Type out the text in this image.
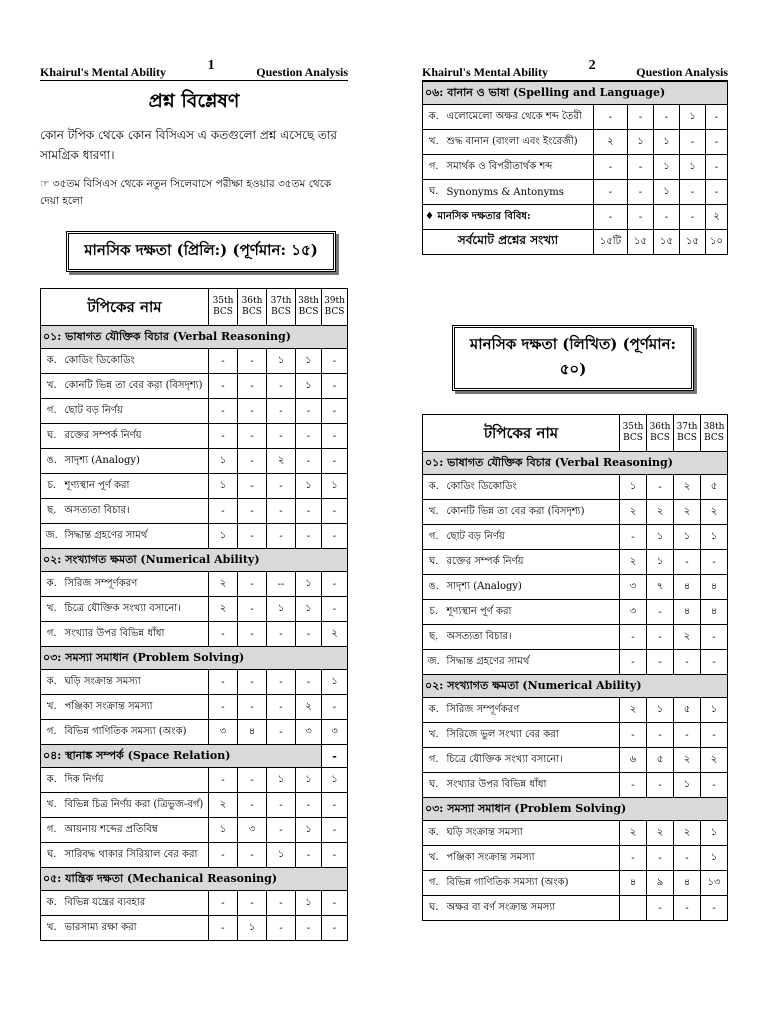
Khairul's Mental Ability	1	Question Analysis
প্রশ্ন বিশ্লেষণ
কোন টপিক থেকে কোন বিসিএস এ কতগুলো প্রশ্ন এসেছে তার সামগ্রিক ধারণা।
☞ ৩৫তম বিসিএস থেকে নতুন সিলেবাসে পরীক্ষা হওয়ার ৩৫তম থেকে দেয়া হলো
মানসিক দক্ষতা (প্রিলি:) (পূর্ণমান: ১৫)
টপিকের নাম		35th BCS	36th BCS	37th BCS	38th BCS	39th BCS
০১: ভাষাগত যৌক্তিক বিচার (Verbal Reasoning)						
ক.	কোডিং ডিকোডিং	-	-	১	১	-
খ.	কোনটি ভিন্ন তা বের করা (বিসদৃশ্য)	-	-	-	১	-
গ.	ছোট বড় নির্ণয়	-	-	-	-	-
ঘ.	রক্তের সম্পর্ক নির্ণয়	-	-	-	-	-
ঙ.	সাদৃশ্য (Analogy)	১	-	২	-	-
চ.	শূণ্যস্থান পূর্ণ করা	১	-	-	১	১
ছ.	অসত্যতা বিচার।	-	-	-	-	-
জ.	সিদ্ধান্ত গ্রহণের সামর্থ	১	-	-	-	-
০২: সংখ্যাগত ক্ষমতা (Numerical Ability)						
ক.	সিরিজ সম্পূর্ণকরণ	২	-	--	১	-
খ.	চিত্রে যৌক্তিক সংখ্যা বসানো।	২	-	১	১	-
গ.	সংখ্যার উপর বিভিন্ন ধাঁধা	-	-	-	-	২
০৩: সমস্যা সমাধান (Problem Solving)						
ক.	ঘড়ি সংক্রান্ত সমস্যা	-	-	-	-	১
খ.	পঞ্জিকা সংক্রান্ত সমস্যা	-	-	-	২	-
গ.	বিভিন্ন গাণিতিক সমস্যা (অংক)	৩	৪	-	৩	৩
০৪: স্থানাঙ্ক সম্পর্ক (Space Relation)						-
ক.	দিক নির্ণয়	-	-	১	১	১
খ.	বিভিন্ন চিত্র নির্ণয় করা (ত্রিভুজ-বর্গ)	২	-	-	-	-
গ.	আয়নায় শব্দের প্রতিবিম্ব	১	৩	-	১	-
ঘ.	সারিবদ্ধ থাকার সিরিয়াল বের করা	-	-	১	-	-
০৫: যান্ত্রিক দক্ষতা (Mechanical Reasoning)						
ক.	বিভিন্ন যন্ত্রের ব্যবহার	-	-	-	১	-
খ.	ভারসাম্য রক্ষা করা	-	১	-	-	-
Khairul's Mental Ability	2	Question Analysis
০৬: বানান ও ভাষা (Spelling and Language)						
ক.	এলোমেলো অক্ষর থেকে শব্দ তৈরী	-	-	-	১	-
খ.	শুদ্ধ বানান (বাংলা এবং ইংরেজী)	২	১	১	-	-
গ.	সমার্থক ও বিপরীতার্থক শব্দ	-	-	১	১	-
ঘ.	Synonyms & Antonyms	-	-	১	-	-
♦ মানসিক দক্ষতার বিবিধ:		-	-	-	-	২
সর্বমোট প্রশ্নের সংখ্যা		১৫টি	১৫	১৫	১৫	১০
মানসিক দক্ষতা (লিখিত) (পূর্ণমান: ৫০)
টপিকের নাম		35th BCS	36th BCS	37th BCS	38th BCS
০১: ভাষাগত যৌক্তিক বিচার (Verbal Reasoning)					
ক.	কোডিং ডিকোডিং	১	-	২	৫
খ.	কোনটি ভিন্ন তা বের করা (বিসদৃশ্য)	২	২	২	২
গ.	ছোট বড় নির্ণয়	-	১	১	১
ঘ.	রক্তের সম্পর্ক নির্ণয়	২	১	-	-
ঙ.	সাদৃশ্য (Analogy)	৩	৭	৪	৪
চ.	শূণ্যস্থান পূর্ণ করা	৩	-	৪	৪
ছ.	অসত্যতা বিচার।	-	-	২	-
জ.	সিদ্ধান্ত গ্রহণের সামর্থ	-	-	-	-
০২: সংখ্যাগত ক্ষমতা (Numerical Ability)					
ক.	সিরিজ সম্পূর্ণকরণ	২	১	৫	১
খ.	সিরিজে ভুল সংখ্যা বের করা	-	-	-	-
গ.	চিত্রে যৌক্তিক সংখ্যা বসানো।	৬	৫	২	২
ঘ.	সংখ্যার উপর বিভিন্ন ধাঁধা	-	-	১	-
০৩: সমস্যা সমাধান (Problem Solving)					
ক.	ঘড়ি সংক্রান্ত সমস্যা	২	২	২	১
খ.	পঞ্জিকা সংক্রান্ত সমস্যা	-	-	-	১
গ.	বিভিন্ন গাণিতিক সমস্যা (অংক)	৪	৯	৪	১৩
ঘ.	অক্ষর বা বর্ণ সংক্রান্ত সমস্যা		-	-	-
